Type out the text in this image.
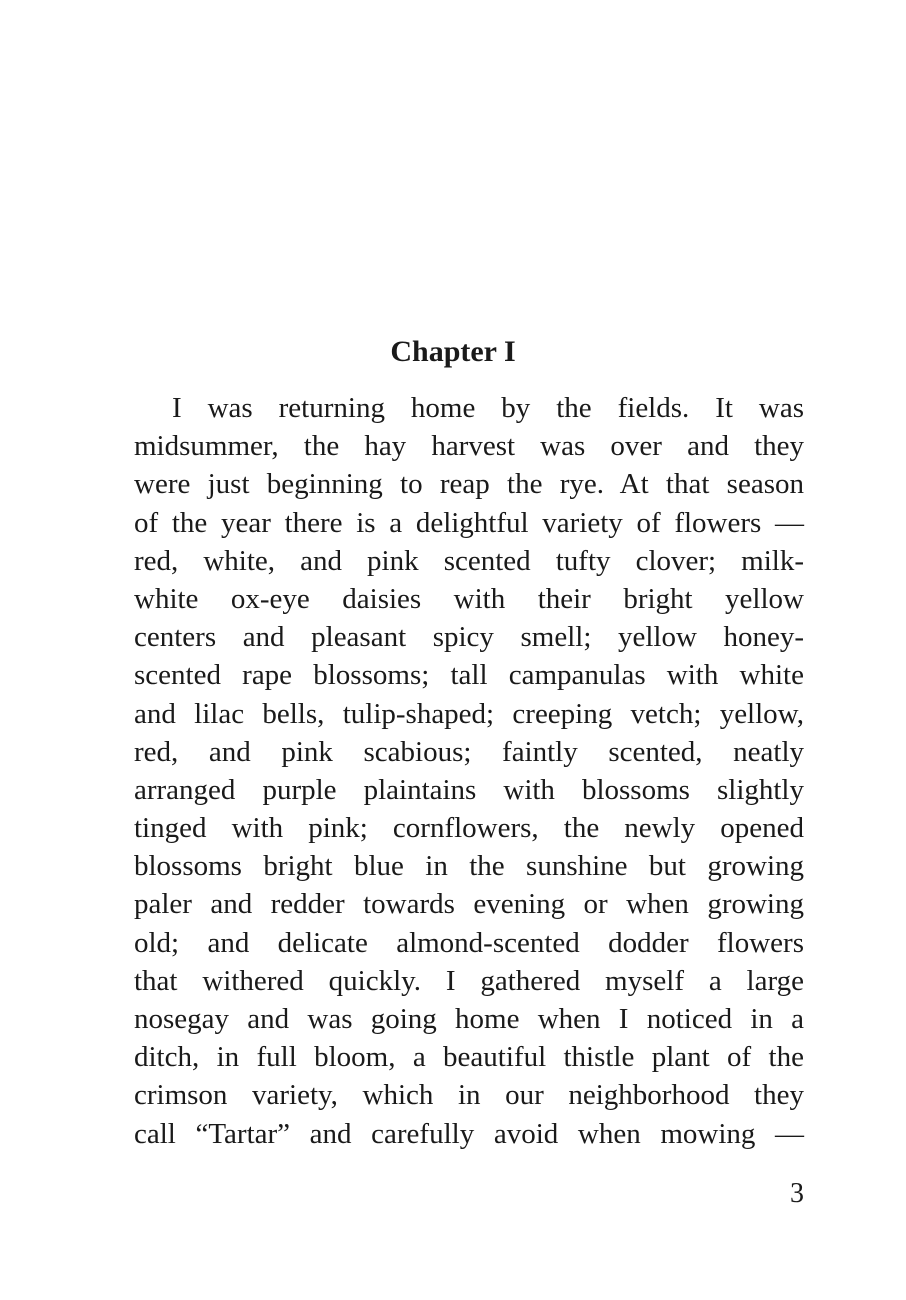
Chapter I
I was returning home by the fields. It was
midsummer, the hay harvest was over and they
were just beginning to reap the rye. At that season
of the year there is a delightful variety of flowers —
red, white, and pink scented tufty clover; milk-
white ox-eye daisies with their bright yellow
centers and pleasant spicy smell; yellow honey-
scented rape blossoms; tall campanulas with white
and lilac bells, tulip-shaped; creeping vetch; yellow,
red, and pink scabious; faintly scented, neatly
arranged purple plaintains with blossoms slightly
tinged with pink; cornflowers, the newly opened
blossoms bright blue in the sunshine but growing
paler and redder towards evening or when growing
old; and delicate almond-scented dodder flowers
that withered quickly. I gathered myself a large
nosegay and was going home when I noticed in a
ditch, in full bloom, a beautiful thistle plant of the
crimson variety, which in our neighborhood they
call “Tartar” and carefully avoid when mowing —
3
